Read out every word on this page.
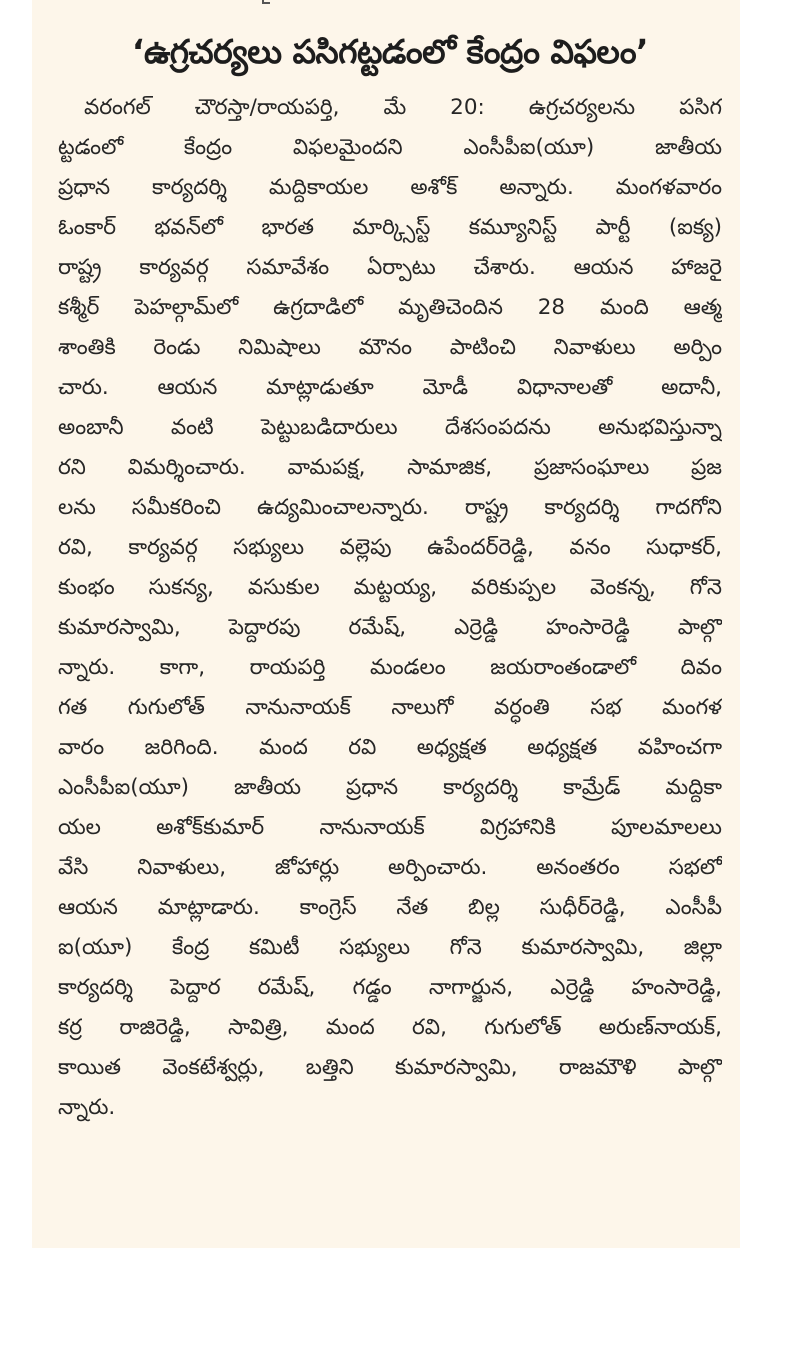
‘ఉగ్రచర్యలు పసిగట్టడంలో కేంద్రం విఫలం’
వరంగల్ చౌరస్తా/రాయపర్తి, మే 20: ఉగ్రచర్యలను పసిగ
ట్టడంలో కేంద్రం విఫలమైందని ఎంసీపీఐ(యూ) జాతీయ
ప్రధాన కార్యదర్శి మద్దికాయల అశోక్ అన్నారు. మంగళవారం
ఓంకార్ భవన్‌లో భారత మార్క్సిస్ట్ కమ్యూనిస్ట్ పార్టీ (ఐక్య)
రాష్ట్ర కార్యవర్గ సమావేశం ఏర్పాటు చేశారు. ఆయన హాజరై
కశ్మీర్ పెహల్గామ్‌లో ఉగ్రదాడిలో మృతిచెందిన 28 మంది ఆత్మ
శాంతికి రెండు నిమిషాలు మౌనం పాటించి నివాళులు అర్పిం
చారు. ఆయన మాట్లాడుతూ మోడీ విధానాలతో అదానీ,
అంబానీ వంటి పెట్టుబడిదారులు దేశసంపదను అనుభవిస్తున్నా
రని విమర్శించారు. వామపక్ష, సామాజిక, ప్రజాసంఘాలు ప్రజ
లను సమీకరించి ఉద్యమించాలన్నారు. రాష్ట్ర కార్యదర్శి గాదగోని
రవి, కార్యవర్గ సభ్యులు వల్లెపు ఉపేందర్‌రెడ్డి, వనం సుధాకర్,
కుంభం సుకన్య, వసుకుల మట్టయ్య, వరికుప్పల వెంకన్న, గోనె
కుమారస్వామి, పెద్దారపు రమేష్, ఎర్రెడ్డి హంసారెడ్డి పాల్గొ
న్నారు. కాగా, రాయపర్తి మండలం జయరాంతండాలో దివం
గత గుగులోత్ నానునాయక్ నాలుగో వర్ధంతి సభ మంగళ
వారం జరిగింది. మంద రవి అధ్యక్షత అధ్యక్షత వహించగా
ఎంసీపీఐ(యూ) జాతీయ ప్రధాన కార్యదర్శి కామ్రేడ్ మద్దికా
యల అశోక్‌కుమార్ నానునాయక్ విగ్రహానికి పూలమాలలు
వేసి నివాళులు, జోహార్లు అర్పించారు. అనంతరం సభలో
ఆయన మాట్లాడారు. కాంగ్రెస్ నేత బిల్ల సుధీర్‌రెడ్డి, ఎంసీపీ
ఐ(యూ) కేంద్ర కమిటీ సభ్యులు గోనె కుమారస్వామి, జిల్లా
కార్యదర్శి పెద్దార రమేష్, గడ్డం నాగార్జున, ఎర్రెడ్డి హంసారెడ్డి,
కర్ర రాజిరెడ్డి, సావిత్రి, మంద రవి, గుగులోత్ అరుణ్‌నాయక్,
కాయిత వెంకటేశ్వర్లు, బత్తిని కుమారస్వామి, రాజమౌళి పాల్గొ
న్నారు.
